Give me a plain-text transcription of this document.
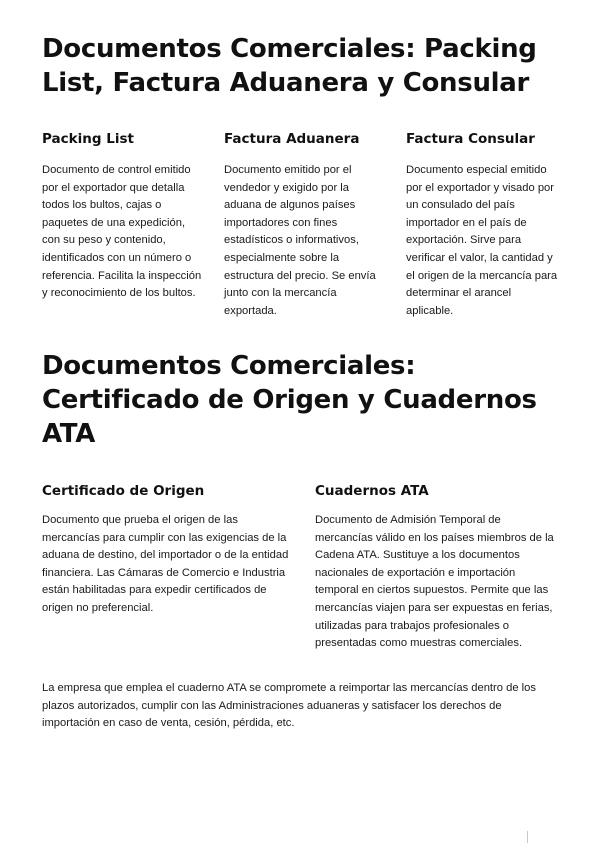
Documentos Comerciales: Packing List, Factura Aduanera y Consular
Packing List

Documento de control emitido por el exportador que detalla todos los bultos, cajas o paquetes de una expedición, con su peso y contenido, identificados con un número o referencia. Facilita la inspección y reconocimiento de los bultos.

Factura Aduanera

Documento emitido por el vendedor y exigido por la aduana de algunos países importadores con fines estadísticos o informativos, especialmente sobre la estructura del precio. Se envía junto con la mercancía exportada.

Factura Consular

Documento especial emitido por el exportador y visado por un consulado del país importador en el país de exportación. Sirve para verificar el valor, la cantidad y el origen de la mercancía para determinar el arancel aplicable.

Documentos Comerciales: Certificado de Origen y Cuadernos ATA
Certificado de Origen

Documento que prueba el origen de las mercancías para cumplir con las exigencias de la aduana de destino, del importador o de la entidad financiera. Las Cámaras de Comercio e Industria están habilitadas para expedir certificados de origen no preferencial.

Cuadernos ATA

Documento de Admisión Temporal de mercancías válido en los países miembros de la Cadena ATA. Sustituye a los documentos nacionales de exportación e importación temporal en ciertos supuestos. Permite que las mercancías viajen para ser expuestas en ferias, utilizadas para trabajos profesionales o presentadas como muestras comerciales.

La empresa que emplea el cuaderno ATA se compromete a reimportar las mercancías dentro de los plazos autorizados, cumplir con las Administraciones aduaneras y satisfacer los derechos de importación en caso de venta, cesión, pérdida, etc.
